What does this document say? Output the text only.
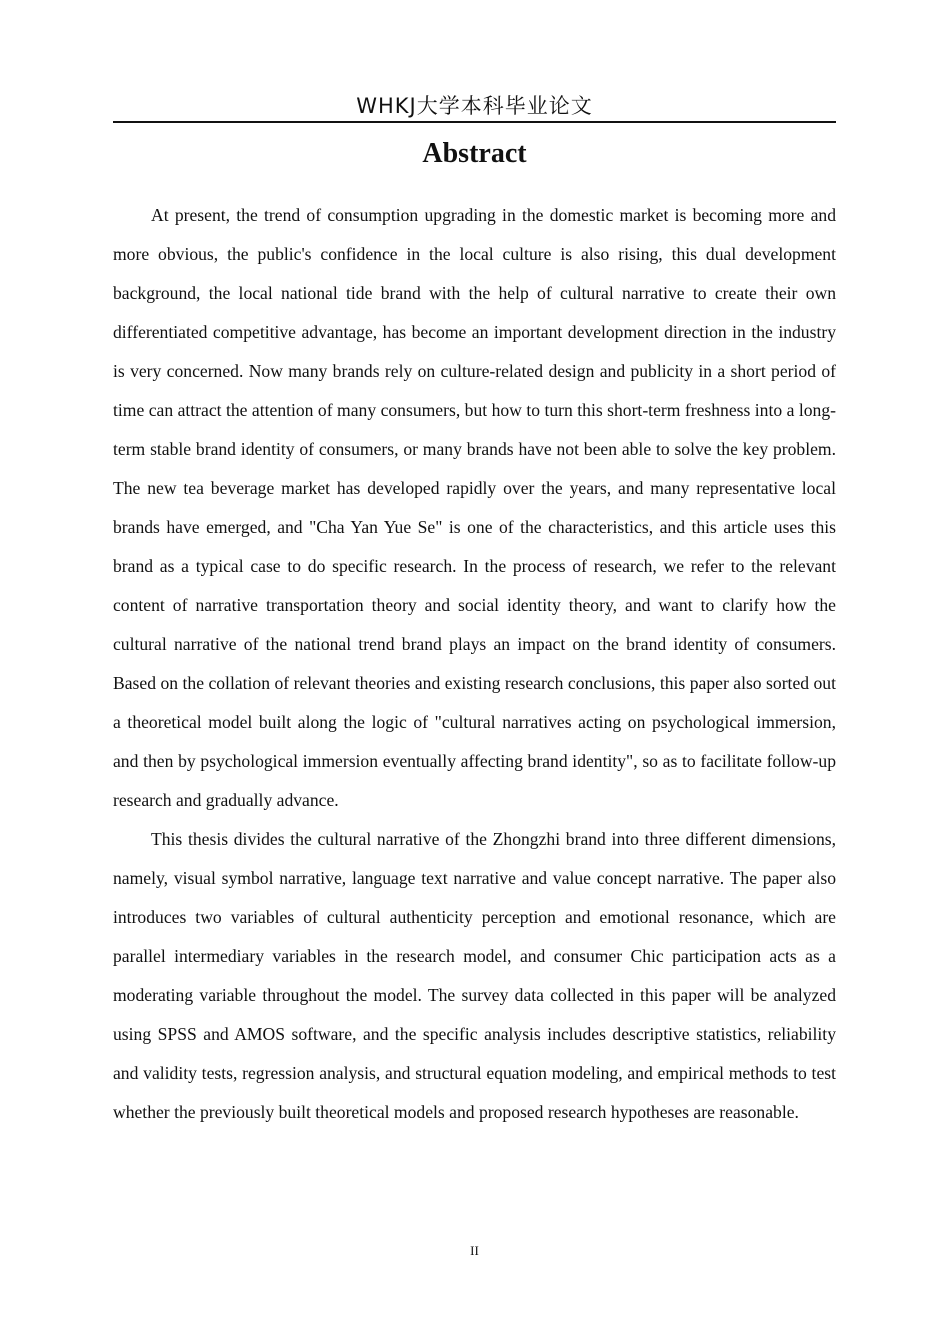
WHKJ大学本科毕业论文
Abstract

At present, the trend of consumption upgrading in the domestic market is becoming more and more obvious, the public's confidence in the local culture is also rising, this dual development background, the local national tide brand with the help of cultural narrative to create their own differentiated competitive advantage, has become an important development direction in the industry is very concerned. Now many brands rely on culture-related design and publicity in a short period of time can attract the attention of many consumers, but how to turn this short-term freshness into a long-term stable brand identity of consumers, or many brands have not been able to solve the key problem. The new tea beverage market has developed rapidly over the years, and many representative local brands have emerged, and "Cha Yan Yue Se" is one of the characteristics, and this article uses this brand as a typical case to do specific research. In the process of research, we refer to the relevant content of narrative transportation theory and social identity theory, and want to clarify how the cultural narrative of the national trend brand plays an impact on the brand identity of consumers. Based on the collation of relevant theories and existing research conclusions, this paper also sorted out a theoretical model built along the logic of "cultural narratives acting on psychological immersion, and then by psychological immersion eventually affecting brand identity", so as to facilitate follow-up research and gradually advance.

This thesis divides the cultural narrative of the Zhongzhi brand into three different dimensions, namely, visual symbol narrative, language text narrative and value concept narrative. The paper also introduces two variables of cultural authenticity perception and emotional resonance, which are parallel intermediary variables in the research model, and consumer Chic participation acts as a moderating variable throughout the model. The survey data collected in this paper will be analyzed using SPSS and AMOS software, and the specific analysis includes descriptive statistics, reliability and validity tests, regression analysis, and structural equation modeling, and empirical methods to test whether the previously built theoretical models and proposed research hypotheses are reasonable.

II
